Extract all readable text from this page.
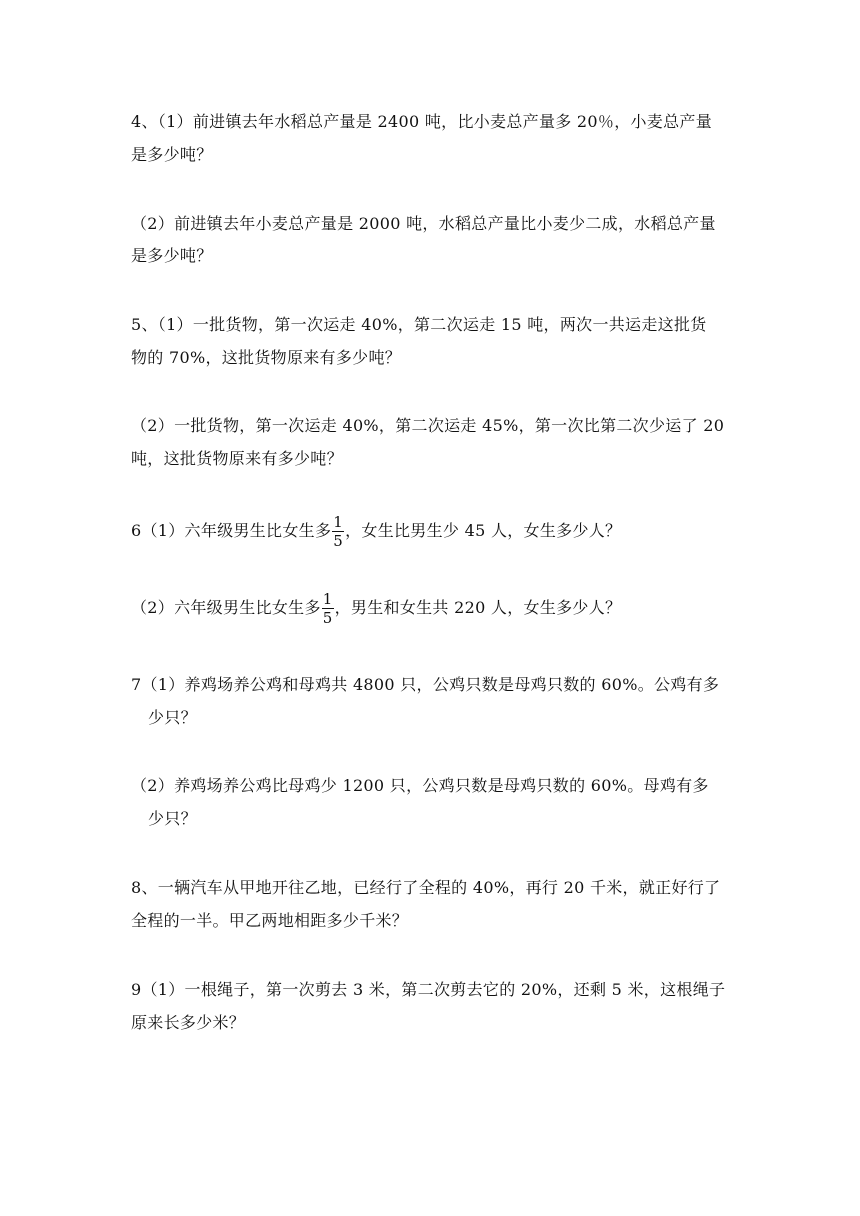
4、（1）前进镇去年水稻总产量是 2400 吨，比小麦总产量多 20％，小麦总产量
是多少吨？
（2）前进镇去年小麦总产量是 2000 吨，水稻总产量比小麦少二成，水稻总产量
是多少吨？
5、（1）一批货物，第一次运走 40%，第二次运走 15 吨，两次一共运走这批货
物的 70%，这批货物原来有多少吨？
（2）一批货物，第一次运走 40%，第二次运走 45%，第一次比第二次少运了 20
吨，这批货物原来有多少吨？
6（1）六年级男生比女生多 $\frac{1}{5}$ ，女生比男生少 45 人，女生多少人？
（2）六年级男生比女生多 $\frac{1}{5}$ ，男生和女生共 220 人，女生多少人？
7（1）养鸡场养公鸡和母鸡共 4800 只，公鸡只数是母鸡只数的 60%。公鸡有多
少只？
（2）养鸡场养公鸡比母鸡少 1200 只，公鸡只数是母鸡只数的 60%。母鸡有多
少只？
8、一辆汽车从甲地开往乙地，已经行了全程的 40%，再行 20 千米，就正好行了
全程的一半。甲乙两地相距多少千米？
9（1）一根绳子，第一次剪去 3 米，第二次剪去它的 20%，还剩 5 米，这根绳子
原来长多少米？
